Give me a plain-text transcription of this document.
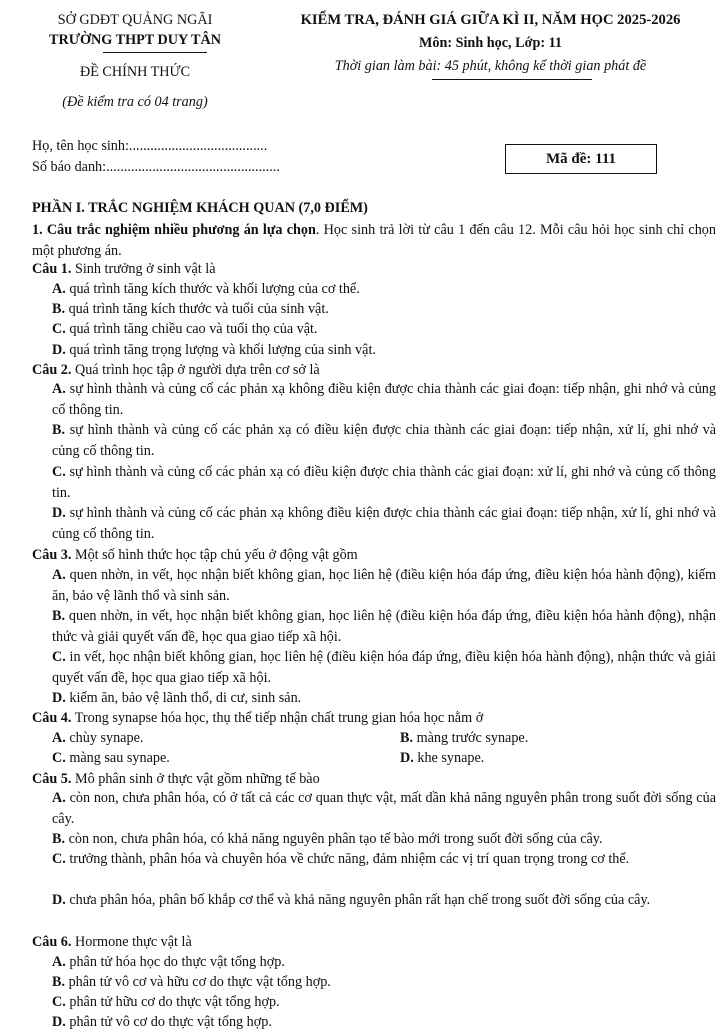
SỞ GDĐT QUẢNG NGÃI
TRƯỜNG THPT DUY TÂN
ĐỀ CHÍNH THỨC
(Đề kiểm tra có 04 trang)
KIỂM TRA, ĐÁNH GIÁ GIỮA KÌ II, NĂM HỌC 2025-2026
Môn: Sinh học, Lớp: 11
Thời gian làm bài: 45 phút, không kể thời gian phát đề
Họ, tên học sinh:.......................................
Số báo danh:.................................................	Mã đề: 111
PHẦN I. TRẮC NGHIỆM KHÁCH QUAN (7,0 ĐIỂM)
1. Câu trắc nghiệm nhiều phương án lựa chọn. Học sinh trả lời từ câu 1 đến câu 12. Mỗi câu hỏi học sinh chỉ chọn một phương án.
Câu 1. Sinh trưởng ở sinh vật là
A. quá trình tăng kích thước và khối lượng của cơ thể.
B. quá trình tăng kích thước và tuổi của sinh vật.
C. quá trình tăng chiều cao và tuổi thọ của vật.
D. quá trình tăng trọng lượng và khối lượng của sinh vật.
Câu 2. Quá trình học tập ở người dựa trên cơ sở là
A. sự hình thành và củng cố các phản xạ không điều kiện được chia thành các giai đoạn: tiếp nhận, ghi nhớ và củng cố thông tin.
B. sự hình thành và củng cố các phản xạ có điều kiện được chia thành các giai đoạn: tiếp nhận, xử lí, ghi nhớ và củng cố thông tin.
C. sự hình thành và củng cố các phản xạ có điều kiện được chia thành các giai đoạn: xử lí, ghi nhớ và củng cố thông tin.
D. sự hình thành và củng cố các phản xạ không điều kiện được chia thành các giai đoạn: tiếp nhận, xử lí, ghi nhớ và củng cố thông tin.
Câu 3. Một số hình thức học tập chủ yếu ở động vật gồm
A. quen nhờn, in vết, học nhận biết không gian, học liên hệ (điều kiện hóa đáp ứng, điều kiện hóa hành động), kiếm ăn, bảo vệ lãnh thổ và sinh sản.
B. quen nhờn, in vết, học nhận biết không gian, học liên hệ (điều kiện hóa đáp ứng, điều kiện hóa hành động), nhận thức và giải quyết vấn đề, học qua giao tiếp xã hội.
C. in vết, học nhận biết không gian, học liên hệ (điều kiện hóa đáp ứng, điều kiện hóa hành động), nhận thức và giải quyết vấn đề, học qua giao tiếp xã hội.
D. kiếm ăn, bảo vệ lãnh thổ, di cư, sinh sản.
Câu 4. Trong synapse hóa học, thụ thể tiếp nhận chất trung gian hóa học nằm ở
A. chùy synape.	B. màng trước synape.
C. màng sau synape.	D. khe synape.
Câu 5. Mô phân sinh ở thực vật gồm những tế bào
A. còn non, chưa phân hóa, có ở tất cả các cơ quan thực vật, mất dần khả năng nguyên phân trong suốt đời sống của cây.
B. còn non, chưa phân hóa, có khả năng nguyên phân tạo tế bào mới trong suốt đời sống của cây.
C. trưởng thành, phân hóa và chuyên hóa về chức năng, đảm nhiệm các vị trí quan trọng trong cơ thể.
D. chưa phân hóa, phân bố khắp cơ thể và khả năng nguyên phân rất hạn chế trong suốt đời sống của cây.
Câu 6. Hormone thực vật là
A. phân tử hóa học do thực vật tổng hợp.
B. phân tử vô cơ và hữu cơ do thực vật tổng hợp.
C. phân tử hữu cơ do thực vật tổng hợp.
D. phân tử vô cơ do thực vật tổng hợp.
